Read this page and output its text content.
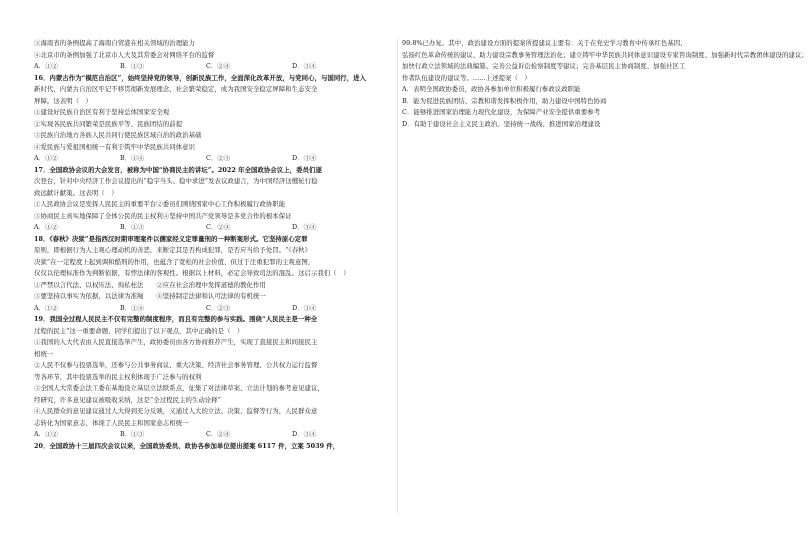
③海南省的条例提高了海南自贸港在相关领域的治理能力
④北京市的条例加强了北京市人大及其常委会对网络平台的监督
A．①②	B．①③	C．②④	D．③④
16．内蒙古作为“模范自治区”，始终坚持党的领导，创新民族工作，全面深化改革开放，与党同心，与国同行，进入
新时代，内蒙古自治区牢记不移贯彻新发展理念，社会繁荣稳定，成为我国安全稳定屏障和生态安全
屏障。这表明（　）
①建设好民族自治区有利于坚持总体国家安全观
②实现各民族共同繁荣是民族平等、民族团结的前提
③民族自治地方各族人民共同行使民族区域自治的政治基础
④爱民族与爱祖国相统一有利于筑牢中华民族共同体意识
A．①②	B．①④	C．②③	D．③④
17．全国政协会议的大会发言，被称为中国“协商民主的讲坛”。2022 年全国政协会议上，委员们逐
次登台，针对中央经济工作会议提出的“稳字当头、稳中求进”发表议政建言，为中国经济这艘轮行稳
致远献计献策。这表明（　）
①人民政协会议是发挥人民民主的重要平台②委员们围绕国家中心工作积极履行政协职能
③协商民主真实地保障了全体公民的民主权利④坚持中国共产党领导是多党合作的根本保证
A．①②	B．①③	C．②④	D．③④
18．《春秋》决狱”是指西汉时期审理案件以儒家经义定罪量刑的一种断案形式。它坚持原心定罪
原则，即根据行为人主观心理动机的善恶，来断定其是否构成犯罪，是否应当给予处罚。“《春秋》
决狱”在一定程度上起到调和酷刑的作用，也蕴含了宽松的社会价值，但过于注重犯罪的主观意图，
仅仅以伦理标准作为判断依据，有悖法律的客观性。根据以上材料，必定会导致司法的混乱。这启示我们（　）
①严禁以言代法、以权压法、徇私枉法　　②应在社会治理中发挥道德的教化作用
③要坚持以事实为依据、以法律为准绳　　④坚持制定法律和认可法律的有机统一
A．①②	B．①④	C．②③	D．③④
19．我国全过程人民民主不仅有完整的制度程序，而且有完整的参与实践。围绕“人民民主是一种全
过程的民主”这一重要命题，同学们提出了以下观点，其中正确的是（　）
①我国的人大代表由人民直接选举产生，政协委员由各方协商推荐产生，实现了直接民主和间接民主
相统一
②人民不仅参与投票选举，还参与公共事务商议、重大决策、经济社会事务管理、公共权力运行监督
等各环节，其中投票选举的民主权利体现于广泛参与的权利
③全国人大常委会法工委在基地设立基层立法联系点，征集了对法律草案、立法计划的参考意见建议，
经研究，许多意见建议被吸收采纳，这是“全过程民主的生动诠释”
④人民群众的意见建议通过人大得到充分反映，又通过人大的立法、决策、监督等行为，人民群众意
志转化为国家意志，体现了人民民主和国家意志相统一
A．①②	B．①③	C．②④	D．③④
20．全国政协十三届四次会议以来，全国政协委员、政协各参加单位提出提案 6117 件，立案 5039 件，
99.8%已办复。其中，政治建设方面的提案所提建议主要有：关于在党史学习教育中传承红色基因、
弘扬红色革命传统的建议、助力建设宗教事务管理法治化；建立铸牢中华民族共同体意识建设专家咨询制度、加强新时代宗教团体建设的建议；
加快行政立法领域的法典编纂、完善公益诉讼检察制度等建议；完善基层民主协商制度、加强社区工
作者队伍建设的建议等。……上述提案（　）
A．表明全国政协委员，政协各参加单位积极履行参政议政职能
B．能为促进民族团结、宗教和谐发挥积极作用，助力建设中国特色协商
C．能够推进国家治理能力现代化建设，为保障产业安全提供重要参考
D．有助于建设社会主义民主政治、坚持统一战线、推进国家治理建设
